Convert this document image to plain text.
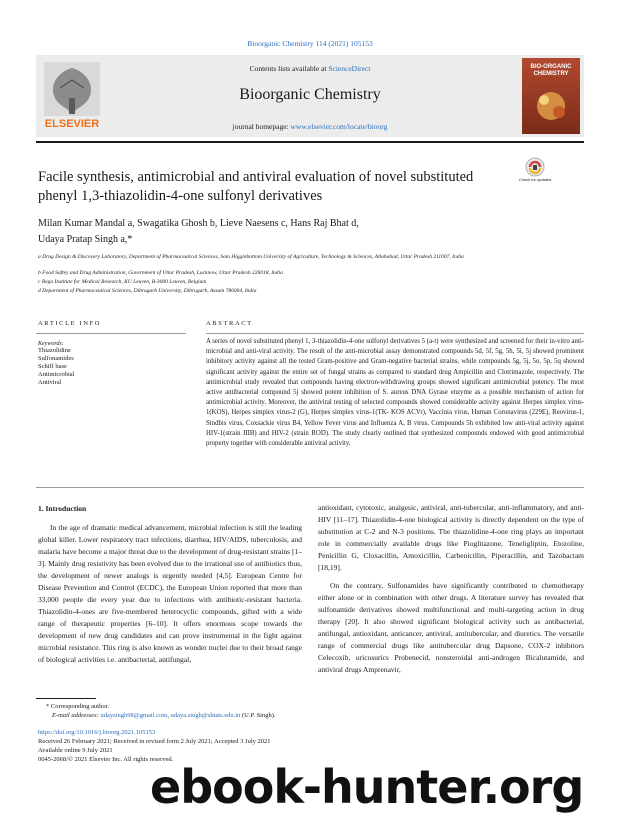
Bioorganic Chemistry 114 (2021) 105153
ELSEVIER
Contents lists available at ScienceDirect
Bioorganic Chemistry
journal homepage: www.elsevier.com/locate/bioorg
BIO-ORGANIC CHEMISTRY
Facile synthesis, antimicrobial and antiviral evaluation of novel substituted phenyl 1,3-thiazolidin-4-one sulfonyl derivatives
Check for updates
Milan Kumar Mandal a, Swagatika Ghosh b, Lieve Naesens c, Hans Raj Bhat d,
Udaya Pratap Singh a,*
a Drug Design & Discovery Laboratory, Department of Pharmaceutical Sciences, Sam Higginbottom University of Agriculture, Technology & Sciences, Allahabad, Uttar Pradesh 211007, India
b Food Saftey and Drug Administration, Government of Uttar Pradesh, Lucknow, Uttar Pradesh 226018, India
c Rega Institute for Medical Research, KU Leuven, B-3000 Leuven, Belgium
d Department of Pharmaceutical Sciences, Dibrugarh University, Dibrugarh, Assam 786004, India
ARTICLE INFO	ABSTRACT
Keywords:
Thiazolidine
Sulfonamides
Schiff base
Antimicrobial
Antiviral
A series of novel substituted phenyl 1, 3-thiazolidin-4-one sulfonyl derivatives 5 (a-t) were synthesized and screened for their in-vitro anti-microbial and anti-viral activity. The result of the anti-microbial assay demonstrated compounds 5d, 5f, 5g, 5h, 5i, 5j showed prominent inhibitory activity against all the tested Gram-positive and Gram-negative bacterial strains, while compounds 5g, 5j, 5o, 5p, 5q showed significant activity against the entire set of fungal strains as compared to standard drug Ampicillin and Clotrimazole, respectively. The antimicrobial study revealed that compounds having electron-withdrawing groups showed significant antimicrobial potency. The most active antibacterial compound 5j showed potent inhibition of S. aureus DNA Gyrase enzyme as a possible mechanism of action for antimicrobial activity. Moreover, the antiviral testing of selected compounds showed considerable activity against Herpes simplex virus-1(KOS), Herpes simplex virus-2 (G), Herpes simplex virus-1(TK- KOS ACVr), Vaccinia virus, Human Coronavirus (229E), Reovirus-1, Sindbis virus, Coxsackie virus B4, Yellow Fever virus and Influenza A, B virus. Compounds 5h exhibited low anti-viral activity against HIV-1(strain IIIB) and HIV-2 (strain ROD). The study clearly outlined that synthesized compounds endowed with good antimicrobial property together with considerable antiviral activity.
1. Introduction
In the age of dramatic medical advancement, microbial infection is still the leading global killer. Lower respiratory tract infections, diarrhea, HIV/AIDS, tuberculosis, and malaria have become a major threat due to the development of drug-resistant strains [1–3]. Mainly drug resistivity has been evolved due to the irrational use of antibiotics thus, the development of newer analogs is urgently needed [4,5]. European Centre for Disease Prevention and Control (ECDC), the European Union reported that more than 33,000 people die every year due to infections with antibiotic-resistant bacteria. Thiazolidin-4-ones are five-membered heterocyclic compounds, gifted with a wide range of therapeutic properties [6–10]. It offers enormous scope towards the development of new drug candidates and can prove instrumental in the fight against microbial resistance. This ring is also known as wonder nuclei due to their broad range of biological activities i.e. antibacterial, antifungal,
antioxidant, cytotoxic, analgesic, antiviral, anti-tubercular, anti-inflammatory, and anti-HIV [11–17]. Thiazolidin-4-one biological activity is directly dependent on the type of substitution at C-2 and N-3 positions. The thiazolidine-4-one ring plays an important role in commercially available drugs like Pioglitazone, Teneligliptin, Etozoline, Penicillin G, Cloxacillin, Amoxicillin, Carbenicillin, Piperacillin, and Tazobactam [18,19].
On the contrary, Sulfonamides have significantly contributed to chemotherapy either alone or in combination with other drugs. A literature survey has revealed that sulfonamide derivatives showed multifunctional and multi-targeting action in drug therapy [20]. It also showed significant biological activity such as antibacterial, antifungal, antioxidant, anticancer, antiviral, antitubercular, and diuretics. The versatile range of commercial drugs like antitubercular drug Dapsone, COX-2 inhibitors Celecoxib, uricosurics Probenecid, nonsteroidal anti-androgen Bicalutamide, and antiviral drugs Amprenavir,
* Corresponding author.
E-mail addresses: udaysingh98@gmail.com, udaya.singh@shiats.edu.in (U.P. Singh).
https://doi.org/10.1016/j.bioorg.2021.105153
Received 26 February 2021; Received in revised form 2 July 2021; Accepted 3 July 2021
Available online 9 July 2021
0045-2068/© 2021 Elsevier Inc. All rights reserved.
ebook-hunter.org
